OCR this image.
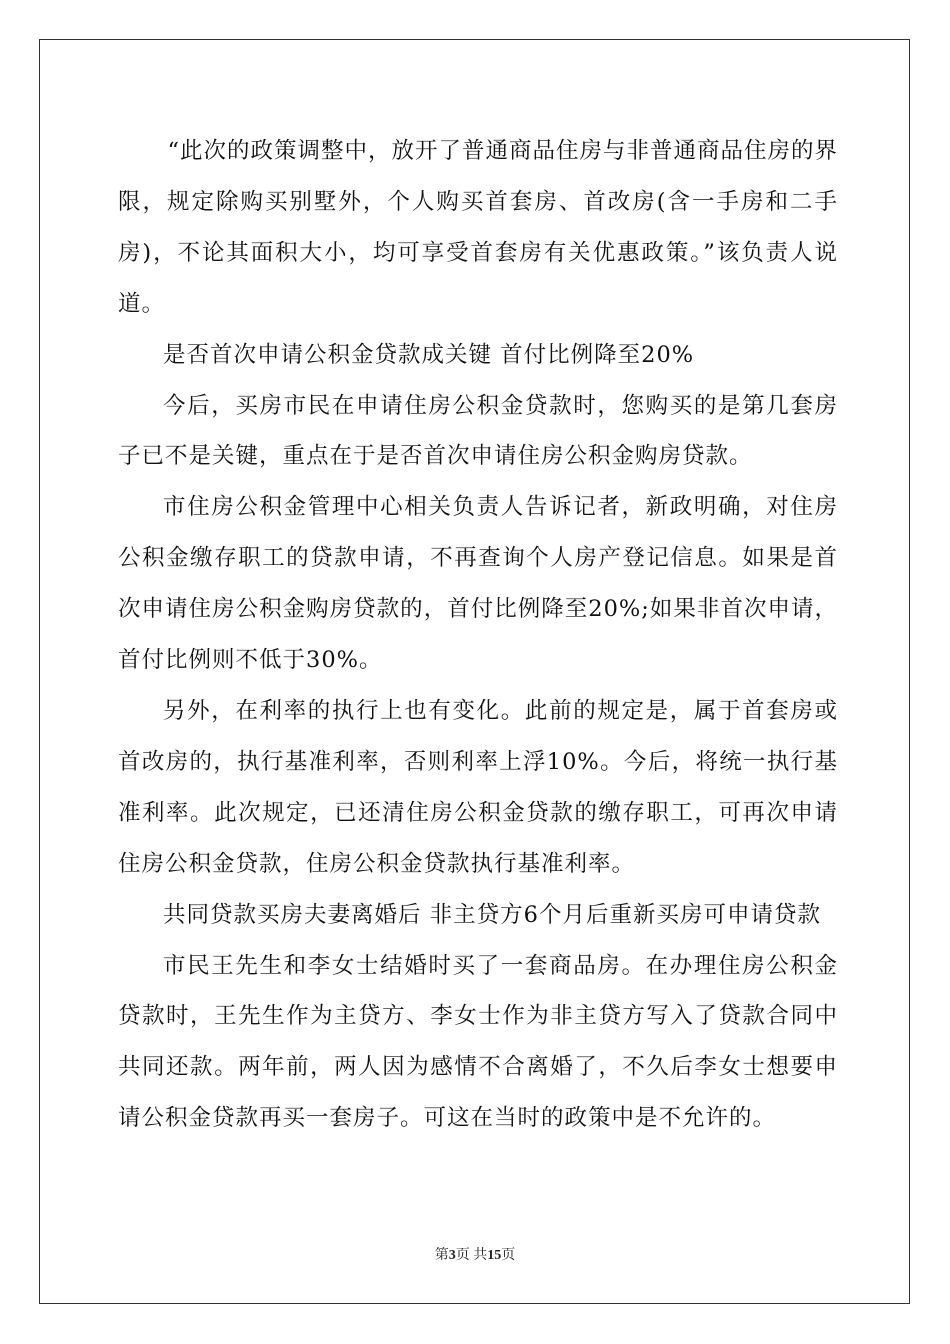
“此次的政策调整中，放开了普通商品住房与非普通商品住房的界限，规定除购买别墅外，个人购买首套房、首改房(含一手房和二手房)，不论其面积大小，均可享受首套房有关优惠政策。”该负责人说道。

是否首次申请公积金贷款成关键 首付比例降至20%

今后，买房市民在申请住房公积金贷款时，您购买的是第几套房子已不是关键，重点在于是否首次申请住房公积金购房贷款。

市住房公积金管理中心相关负责人告诉记者，新政明确，对住房公积金缴存职工的贷款申请，不再查询个人房产登记信息。如果是首次申请住房公积金购房贷款的，首付比例降至20%;如果非首次申请，首付比例则不低于30%。

另外，在利率的执行上也有变化。此前的规定是，属于首套房或首改房的，执行基准利率，否则利率上浮10%。今后，将统一执行基准利率。此次规定，已还清住房公积金贷款的缴存职工，可再次申请住房公积金贷款，住房公积金贷款执行基准利率。

共同贷款买房夫妻离婚后 非主贷方6个月后重新买房可申请贷款

市民王先生和李女士结婚时买了一套商品房。在办理住房公积金贷款时，王先生作为主贷方、李女士作为非主贷方写入了贷款合同中共同还款。两年前，两人因为感情不合离婚了，不久后李女士想要申请公积金贷款再买一套房子。可这在当时的政策中是不允许的。

第3页 共15页
